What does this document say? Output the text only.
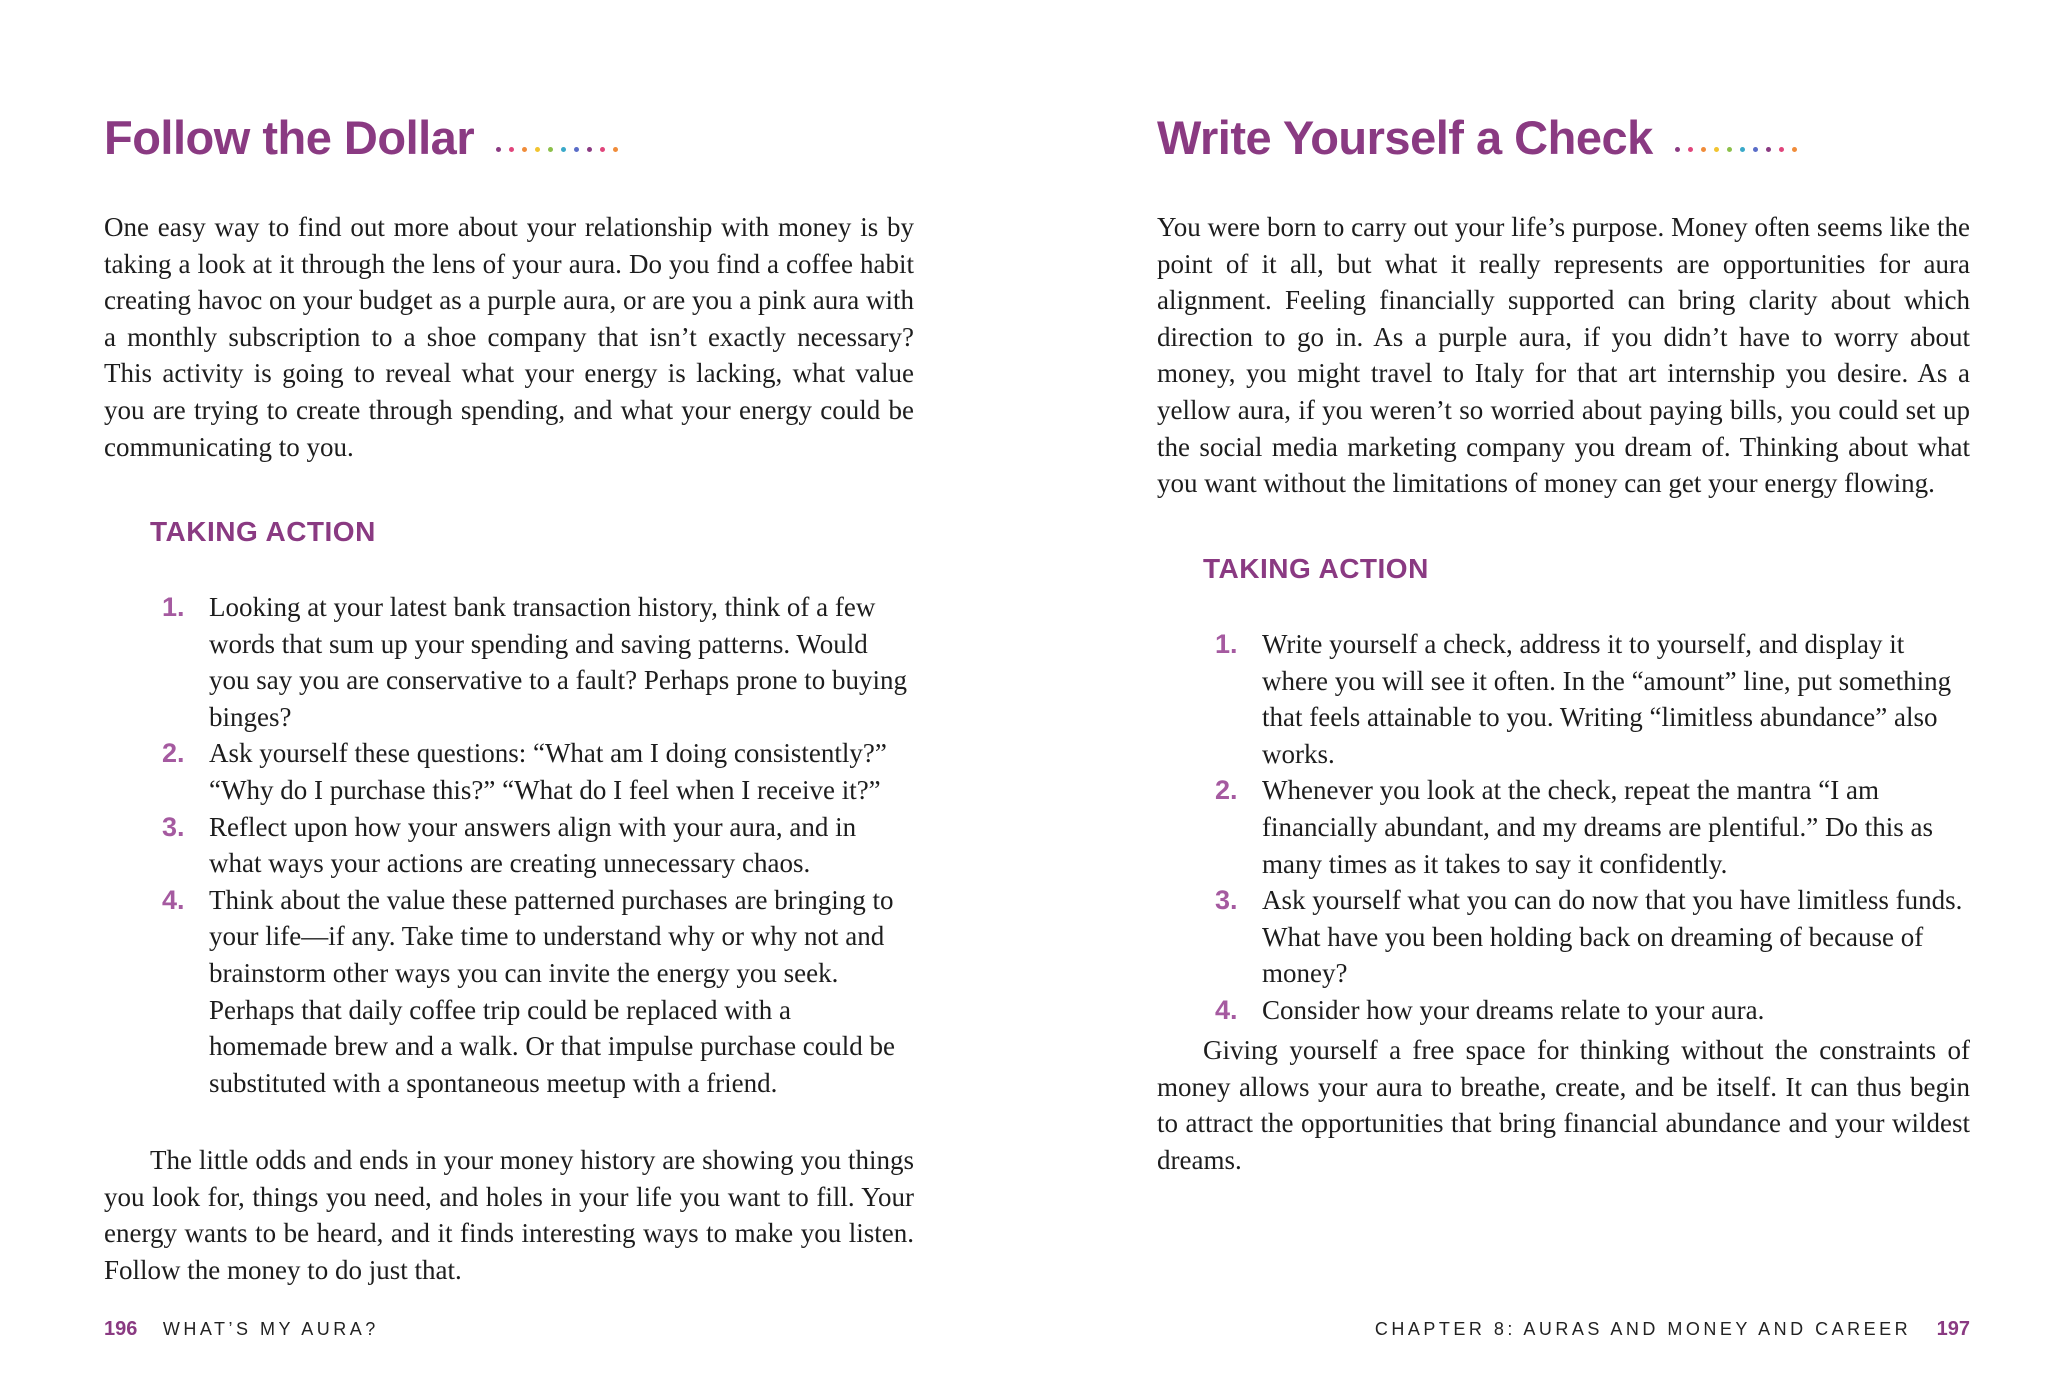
Follow the Dollar

One easy way to find out more about your relationship with money is by taking a look at it through the lens of your aura. Do you find a coffee habit creating havoc on your budget as a purple aura, or are you a pink aura with a monthly subscription to a shoe company that isn’t exactly necessary? This activity is going to reveal what your energy is lacking, what value you are trying to create through spending, and what your energy could be communicating to you.

TAKING ACTION
1. Looking at your latest bank transaction history, think of a few words that sum up your spending and saving patterns. Would you say you are conservative to a fault? Perhaps prone to buying binges?
2. Ask yourself these questions: “What am I doing consistently?” “Why do I purchase this?” “What do I feel when I receive it?”
3. Reflect upon how your answers align with your aura, and in what ways your actions are creating unnecessary chaos.
4. Think about the value these patterned purchases are bringing to your life—if any. Take time to understand why or why not and brainstorm other ways you can invite the energy you seek. Perhaps that daily coffee trip could be replaced with a homemade brew and a walk. Or that impulse purchase could be substituted with a spontaneous meetup with a friend.

The little odds and ends in your money history are showing you things you look for, things you need, and holes in your life you want to fill. Your energy wants to be heard, and it finds interesting ways to make you listen. Follow the money to do just that.

196 WHAT’S MY AURA?
Write Yourself a Check

You were born to carry out your life’s purpose. Money often seems like the point of it all, but what it really represents are opportunities for aura alignment. Feeling financially supported can bring clarity about which direction to go in. As a purple aura, if you didn’t have to worry about money, you might travel to Italy for that art internship you desire. As a yellow aura, if you weren’t so worried about paying bills, you could set up the social media marketing company you dream of. Thinking about what you want without the limitations of money can get your energy flowing.

TAKING ACTION
1. Write yourself a check, address it to yourself, and display it where you will see it often. In the “amount” line, put something that feels attainable to you. Writing “limitless abundance” also works.
2. Whenever you look at the check, repeat the mantra “I am financially abundant, and my dreams are plentiful.” Do this as many times as it takes to say it confidently.
3. Ask yourself what you can do now that you have limitless funds. What have you been holding back on dreaming of because of money?
4. Consider how your dreams relate to your aura.

Giving yourself a free space for thinking without the constraints of money allows your aura to breathe, create, and be itself. It can thus begin to attract the opportunities that bring financial abundance and your wildest dreams.

CHAPTER 8: AURAS AND MONEY AND CAREER 197
